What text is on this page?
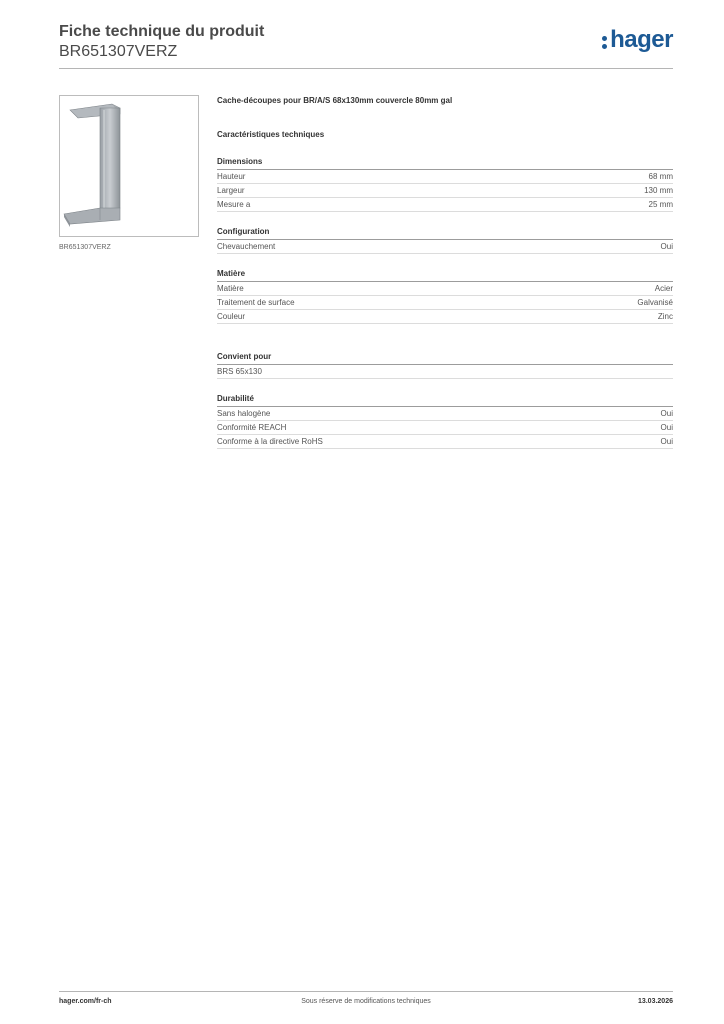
Fiche technique du produit
BR651307VERZ	hager
BR651307VERZ
Cache-découpes pour BR/A/S 68x130mm couvercle 80mm gal
Caractéristiques techniques
Dimensions
Hauteur	68 mm
Largeur	130 mm
Mesure a	25 mm
Configuration
Chevauchement	Oui
Matière
Matière	Acier
Traitement de surface	Galvanisé
Couleur	Zinc
Convient pour
BRS 65x130
Durabilité
Sans halogène	Oui
Conformité REACH	Oui
Conforme à la directive RoHS	Oui
hager.com/fr-ch	Sous réserve de modifications techniques	13.03.2026
